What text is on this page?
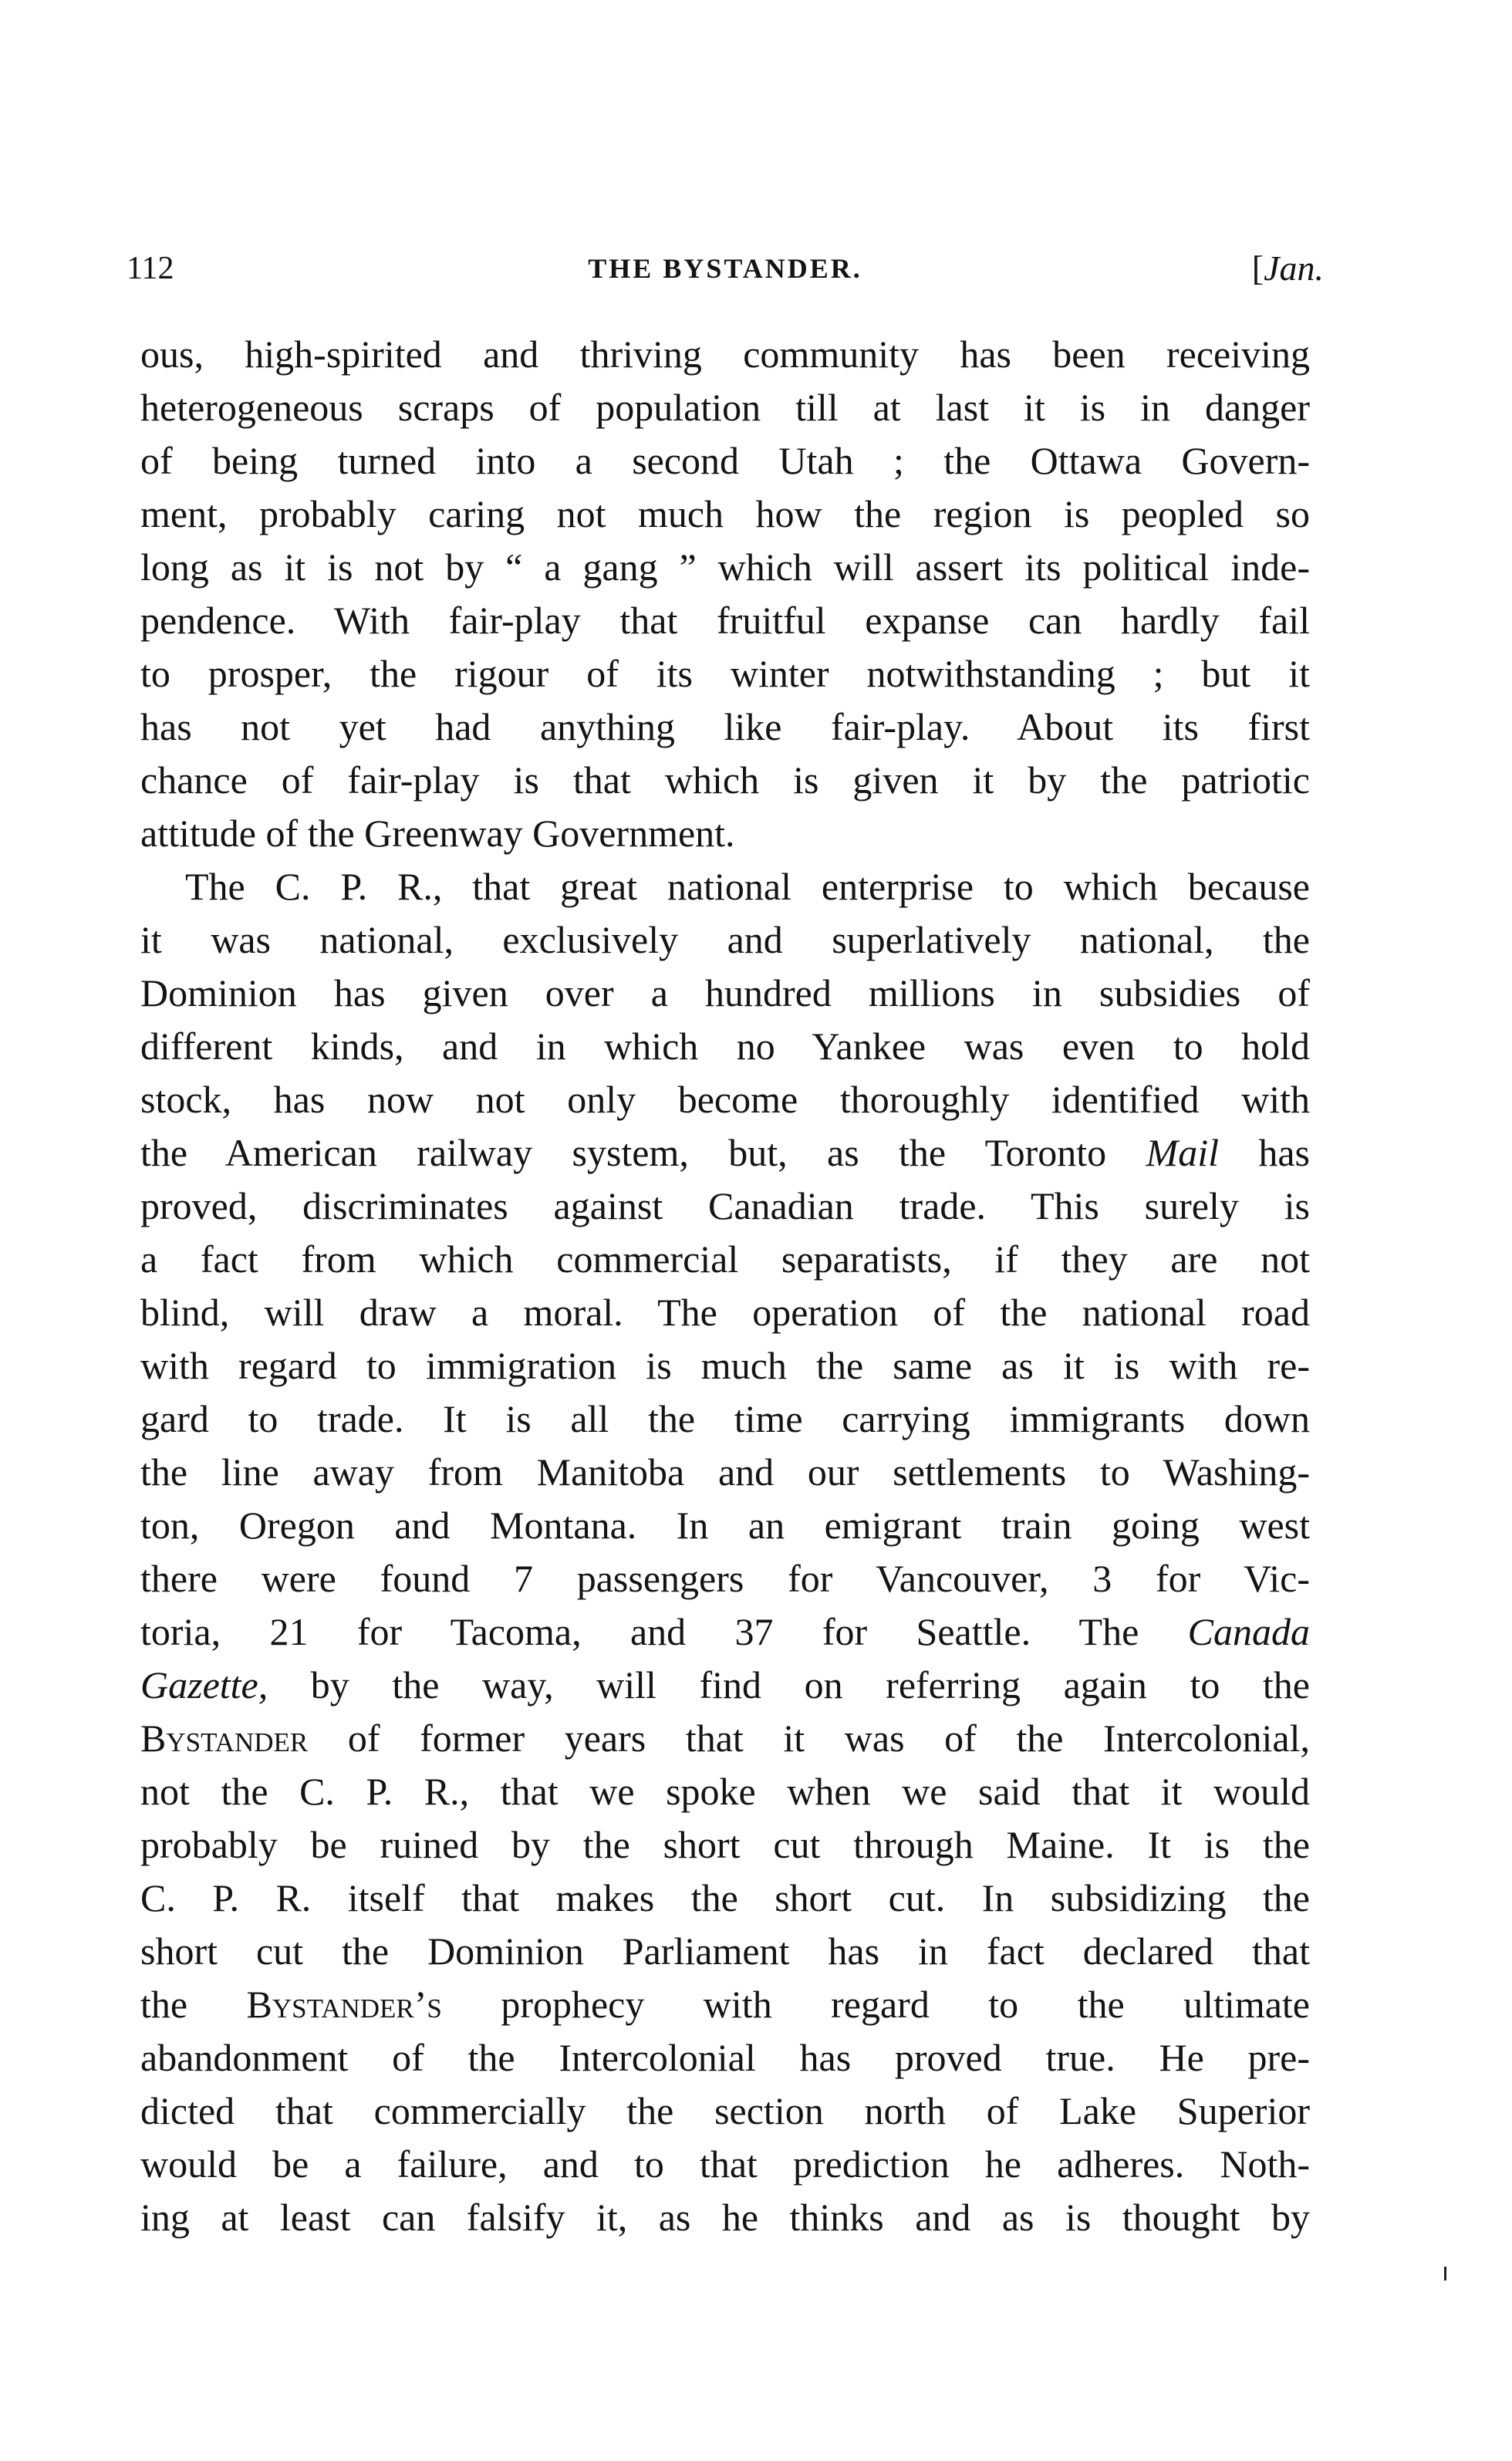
112	THE BYSTANDER.	[Jan.
ous, high-spirited and thriving community has been receiving
heterogeneous scraps of population till at last it is in danger
of being turned into a second Utah ; the Ottawa Govern-
ment, probably caring not much how the region is peopled so
long as it is not by “ a gang ” which will assert its political inde-
pendence. With fair-play that fruitful expanse can hardly fail
to prosper, the rigour of its winter notwithstanding ; but it
has not yet had anything like fair-play. About its first
chance of fair-play is that which is given it by the patriotic
attitude of the Greenway Government.
The C. P. R., that great national enterprise to which because
it was national, exclusively and superlatively national, the
Dominion has given over a hundred millions in subsidies of
different kinds, and in which no Yankee was even to hold
stock, has now not only become thoroughly identified with
the American railway system, but, as the Toronto Mail has
proved, discriminates against Canadian trade. This surely is
a fact from which commercial separatists, if they are not
blind, will draw a moral. The operation of the national road
with regard to immigration is much the same as it is with re-
gard to trade. It is all the time carrying immigrants down
the line away from Manitoba and our settlements to Washing-
ton, Oregon and Montana. In an emigrant train going west
there were found 7 passengers for Vancouver, 3 for Vic-
toria, 21 for Tacoma, and 37 for Seattle. The Canada
Gazette, by the way, will find on referring again to the
Bystander of former years that it was of the Intercolonial,
not the C. P. R., that we spoke when we said that it would
probably be ruined by the short cut through Maine. It is the
C. P. R. itself that makes the short cut. In subsidizing the
short cut the Dominion Parliament has in fact declared that
the Bystander’s prophecy with regard to the ultimate
abandonment of the Intercolonial has proved true. He pre-
dicted that commercially the section north of Lake Superior
would be a failure, and to that prediction he adheres. Noth-
ing at least can falsify it, as he thinks and as is thought by
